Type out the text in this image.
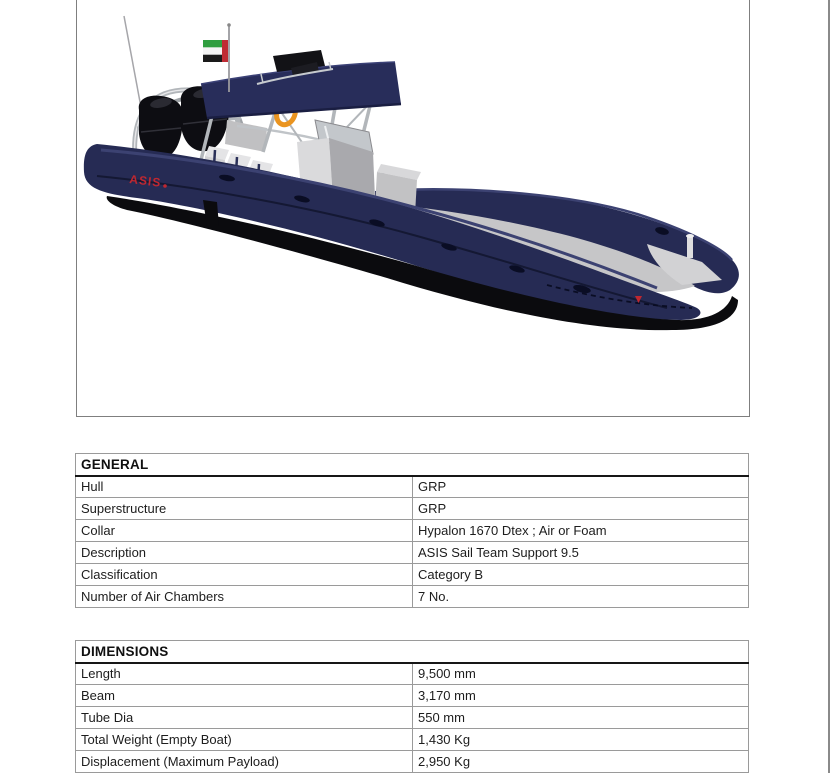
ASIS
GENERAL	
Hull	GRP
Superstructure	GRP
Collar	Hypalon 1670 Dtex ; Air or Foam
Description	ASIS Sail Team Support 9.5
Classification	Category B
Number of Air Chambers	7 No.
DIMENSIONS	
Length	9,500 mm
Beam	3,170 mm
Tube Dia	550 mm
Total Weight (Empty Boat)	1,430 Kg
Displacement (Maximum Payload)	2,950 Kg
